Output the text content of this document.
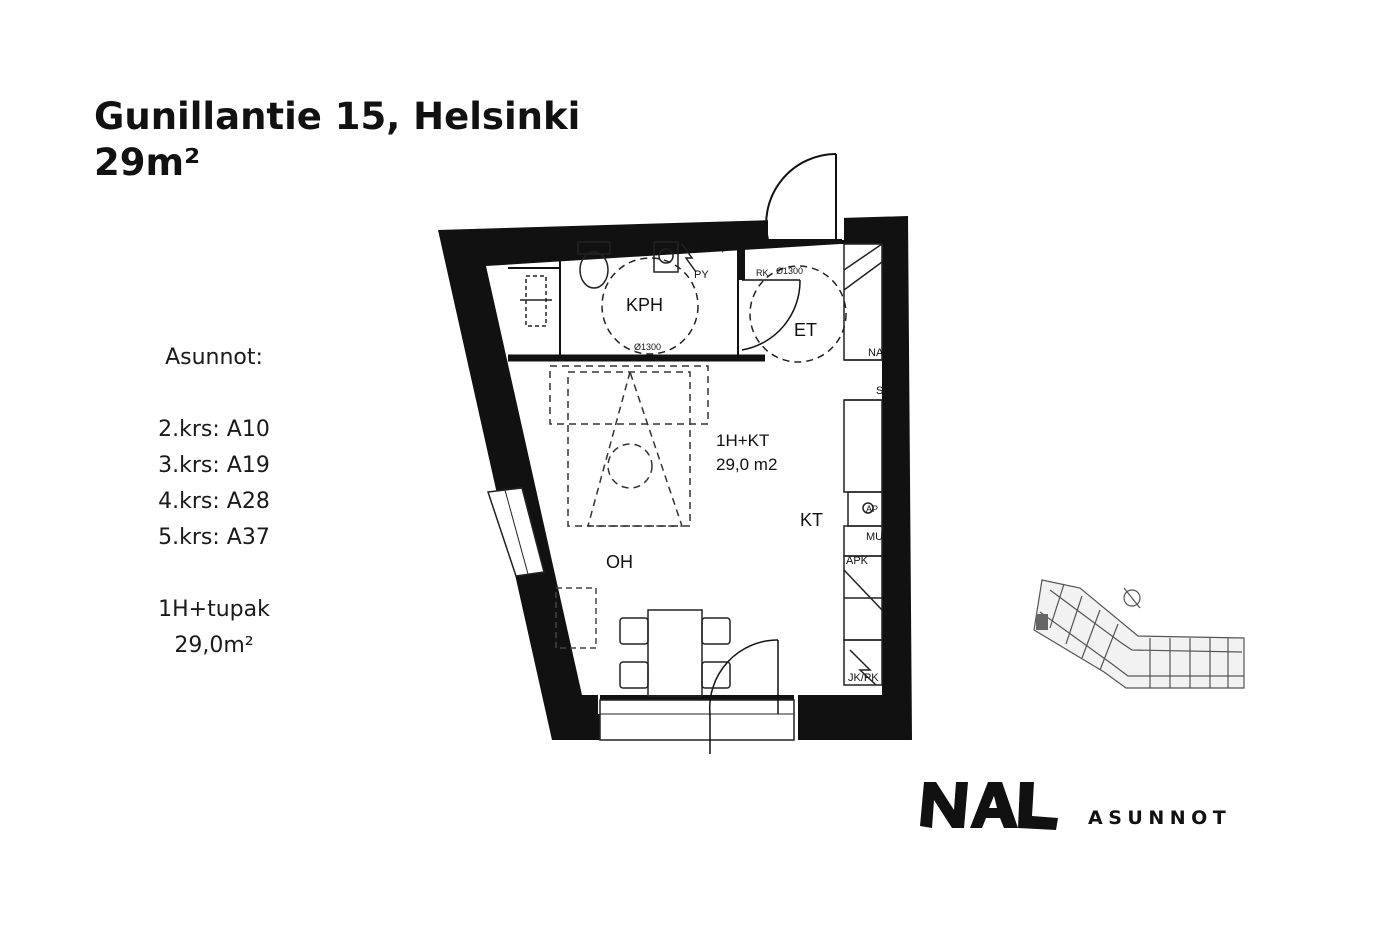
Gunillantie 15, Helsinki
29m²
Asunnot:
2.krs: A10
3.krs: A19
4.krs: A28
5.krs: A37
1H+tupak
29,0m²
KPH
ET
1H+KT
29,0 m2
KT
OH
(PPK)
PY	RK
Ø1300
Ø1300
NA
S
AP
MU
APK
JK/PK
ASUNNOT
